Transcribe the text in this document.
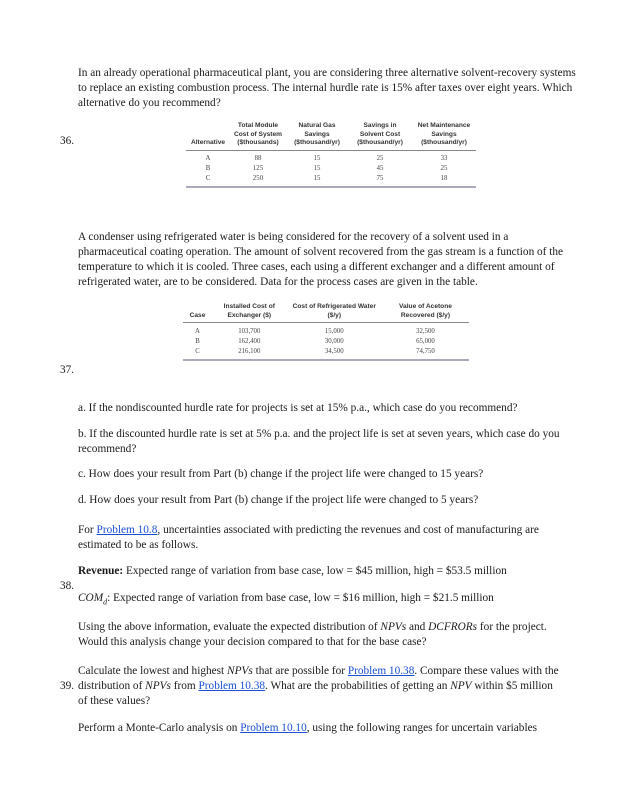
In an already operational pharmaceutical plant, you are considering three alternative solvent-recovery systems to replace an existing combustion process. The internal hurdle rate is 15% after taxes over eight years. Which alternative do you recommend?
36.	Alternative	Total Module Cost of System ($thousands)	Natural Gas Savings ($thousand/yr)	Savings in Solvent Cost ($thousand/yr)	Net Maintenance Savings ($thousand/yr)

A	88	15	25	33
B	125	15	45	25
C	250	15	75	18
A condenser using refrigerated water is being considered for the recovery of a solvent used in a pharmaceutical coating operation. The amount of solvent recovered from the gas stream is a function of the temperature to which it is cooled. Three cases, each using a different exchanger and a different amount of refrigerated water, are to be considered. Data for the process cases are given in the table.
Case	Installed Cost of Exchanger ($)	Cost of Refrigerated Water ($/y)	Value of Acetone Recovered ($/y)

A	103,700	15,000	32,500
B	162,400	30,000	65,000
C	216,100	34,500	74,750
37.
a. If the nondiscounted hurdle rate for projects is set at 15% p.a., which case do you recommend?
b. If the discounted hurdle rate is set at 5% p.a. and the project life is set at seven years, which case do you recommend?
c. How does your result from Part (b) change if the project life were changed to 15 years?
d. How does your result from Part (b) change if the project life were changed to 5 years?
For Problem 10.8, uncertainties associated with predicting the revenues and cost of manufacturing are estimated to be as follows.
Revenue: Expected range of variation from base case, low = $45 million, high = $53.5 million
38.
$COM_d$: Expected range of variation from base case, low = $16 million, high = $21.5 million
Using the above information, evaluate the expected distribution of NPVs and DCFRORs for the project. Would this analysis change your decision compared to that for the base case?
Calculate the lowest and highest NPVs that are possible for Problem 10.38. Compare these values with the distribution of NPVs from Problem 10.38. What are the probabilities of getting an NPV within $5 million of these values?
39.
Perform a Monte-Carlo analysis on Problem 10.10, using the following ranges for uncertain variables
